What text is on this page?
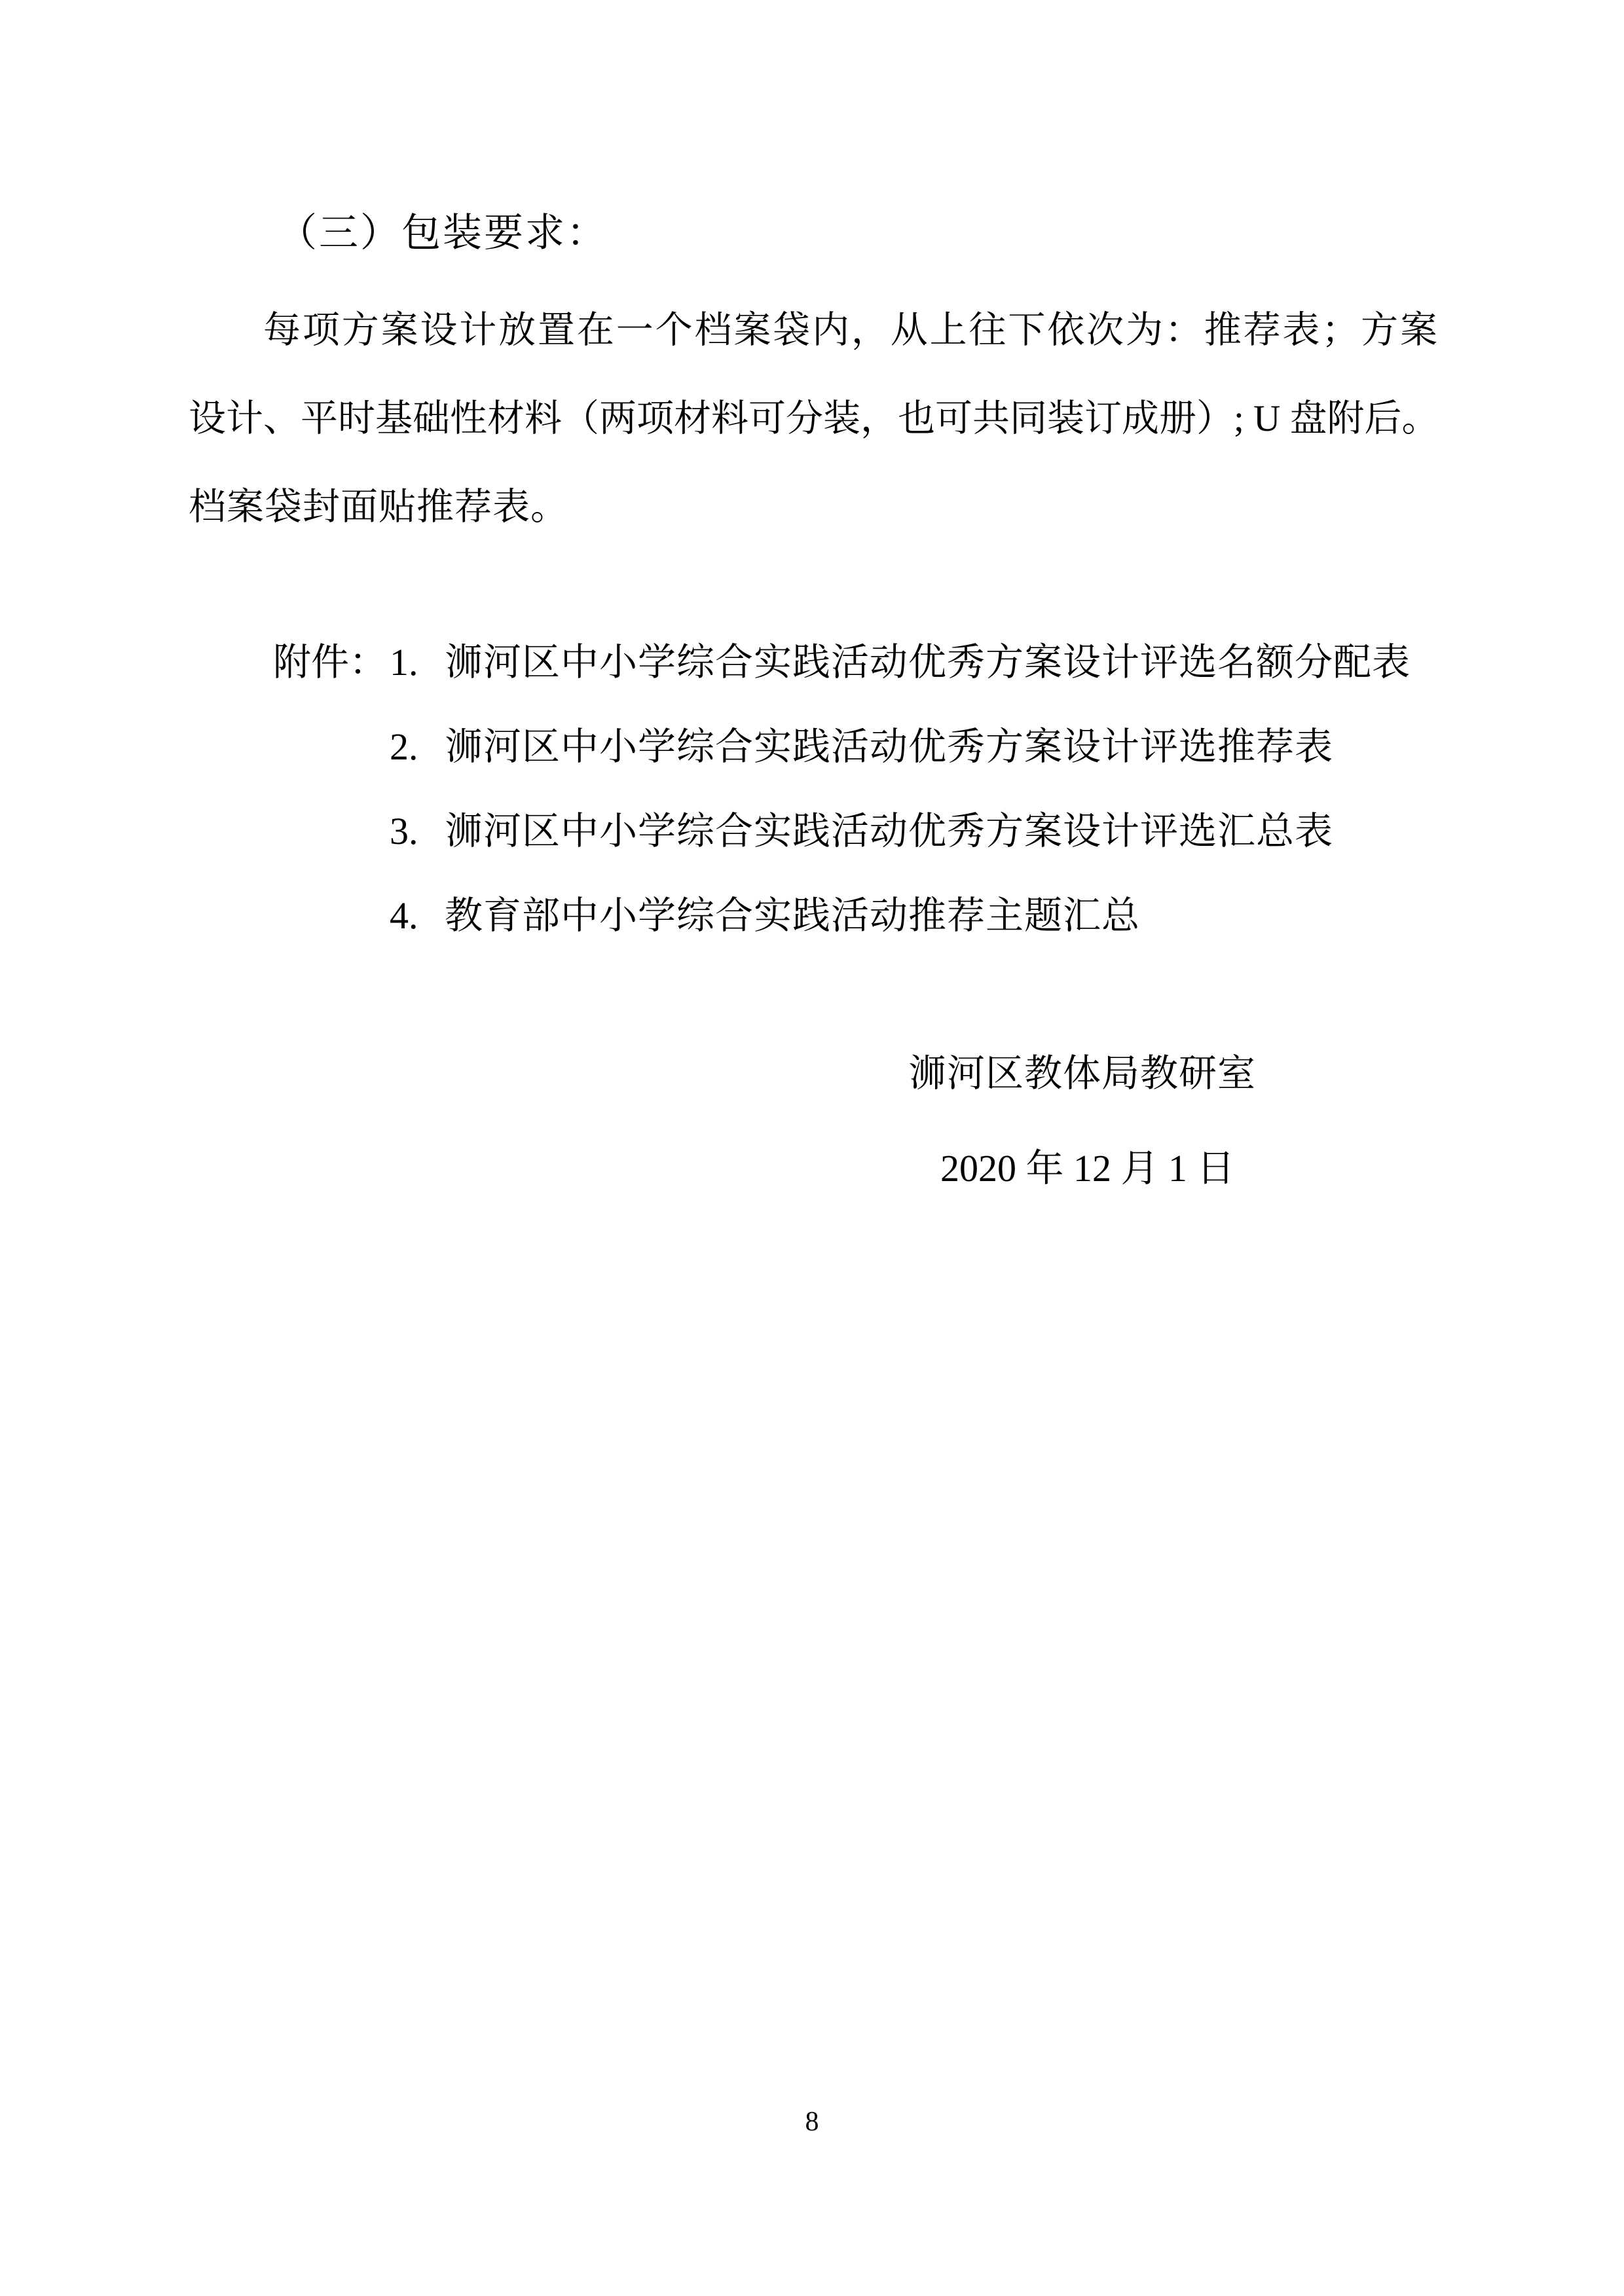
（三）包装要求：
每项方案设计放置在一个档案袋内，从上往下依次为：推荐表；方案
设计、平时基础性材料（两项材料可分装，也可共同装订成册）; U 盘附后。
档案袋封面贴推荐表。
附件：1. 浉河区中小学综合实践活动优秀方案设计评选名额分配表
2. 浉河区中小学综合实践活动优秀方案设计评选推荐表
3. 浉河区中小学综合实践活动优秀方案设计评选汇总表
4. 教育部中小学综合实践活动推荐主题汇总
浉河区教体局教研室
2020 年 12 月 1 日
8
